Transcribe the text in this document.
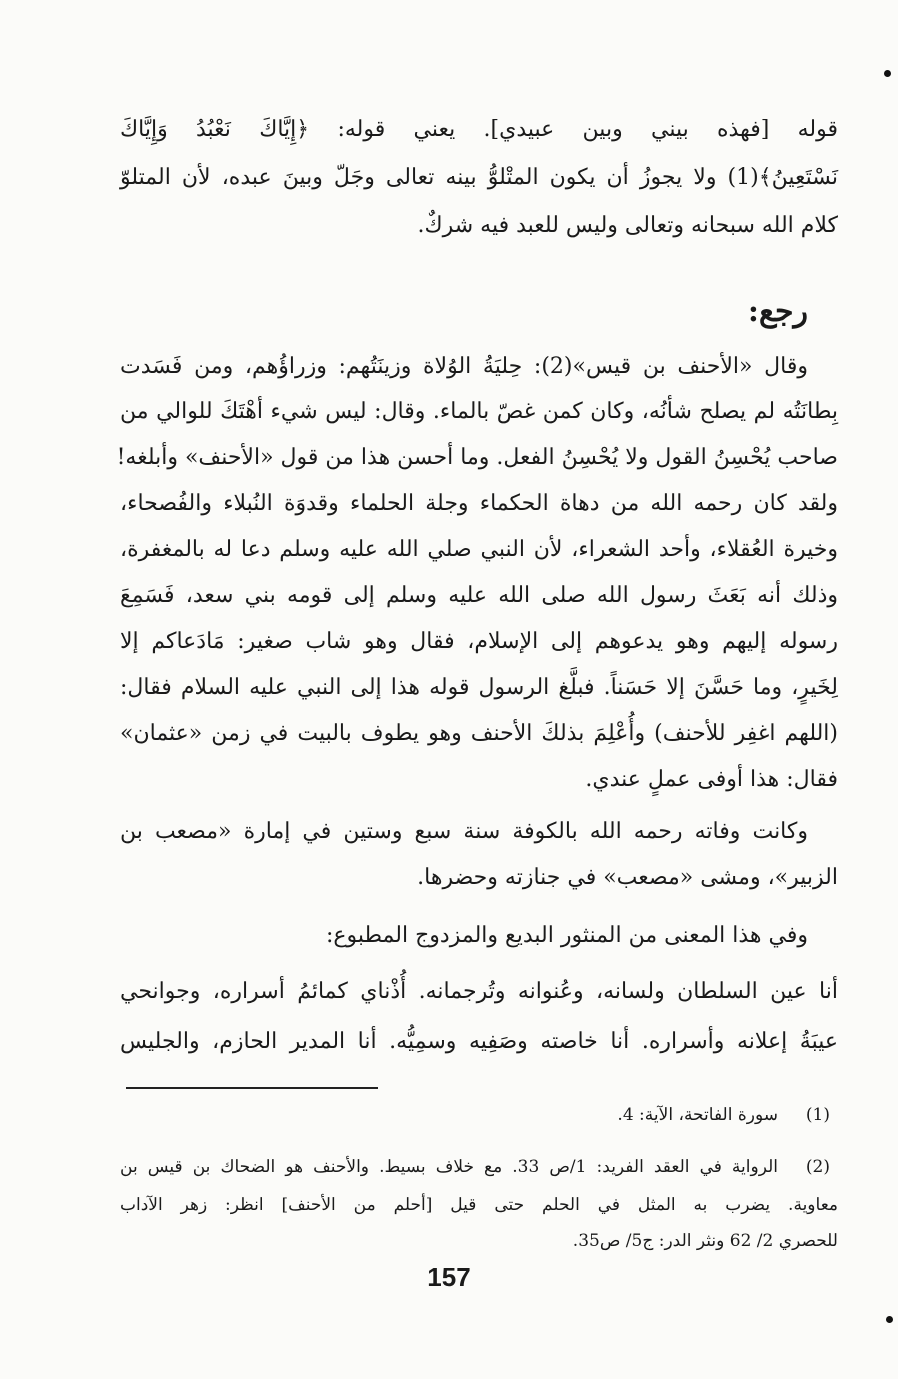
قوله [فهذه بيني وبين عبيدي]. يعني قوله: ﴿إِيَّاكَ نَعْبُدُ وَإِيَّاكَ
نَسْتَعِينُ﴾(1) ولا يجوزُ أن يكون المتْلوُّ بينه تعالى وجَلّ وبينَ عبده، لأن المتلوّ
كلام الله سبحانه وتعالى وليس للعبد فيه شركٌ.
رجع:
وقال «الأحنف بن قيس»(2): حِليَةُ الوُلاة وزينَتُهم: وزراؤُهم، ومن فَسَدت
بِطانَتُه لم يصلح شأنُه، وكان كمن غصّ بالماء. وقال: ليس شيء أهْتَكَ للوالي من
صاحب يُحْسِنُ القول ولا يُحْسِنُ الفعل. وما أحسن هذا من قول «الأحنف» وأبلغه!
ولقد كان رحمه الله من دهاة الحكماء وجلة الحلماء وقدوَة النُبلاء والفُصحاء،
وخيرة العُقلاء، وأحد الشعراء، لأن النبي صلي الله عليه وسلم دعا له بالمغفرة،
وذلك أنه بَعَثَ رسول الله صلى الله عليه وسلم إلى قومه بني سعد، فَسَمِعَ
رسوله إليهم وهو يدعوهم إلى الإسلام، فقال وهو شاب صغير: مَادَعاكم إلا
لِخَيرٍ، وما حَسَّنَ إلا حَسَناً. فبلَّغ الرسول قوله هذا إلى النبي عليه السلام فقال:
(اللهم اغفِر للأحنف) وأُعْلِمَ بذلكَ الأحنف وهو يطوف بالبيت في زمن «عثمان»
فقال: هذا أوفى عملٍ عندي.
وكانت وفاته رحمه الله بالكوفة سنة سبع وستين في إمارة «مصعب بن
الزبير»، ومشى «مصعب» في جنازته وحضرها.
وفي هذا المعنى من المنثور البديع والمزدوج المطبوع:
أنا عين السلطان ولسانه، وعُنوانه وتُرجمانه. أُذْناي كمائمُ أسراره، وجوانحي
عيبَةُ إعلانه وأسراره. أنا خاصته وصَفِيه وسمِيُّه. أنا المدير الحازم، والجليس
(1)
سورة الفاتحة، الآية: 4.
(2)
الرواية في العقد الفريد: 1/ص 33. مع خلاف بسيط. والأحنف هو الضحاك بن قيس بن
معاوية. يضرب به المثل في الحلم حتى قيل [أحلم من الأحنف] انظر: زهر الآداب
للحصري 2/ 62 ونثر الدر: ج5/ ص35.
157
